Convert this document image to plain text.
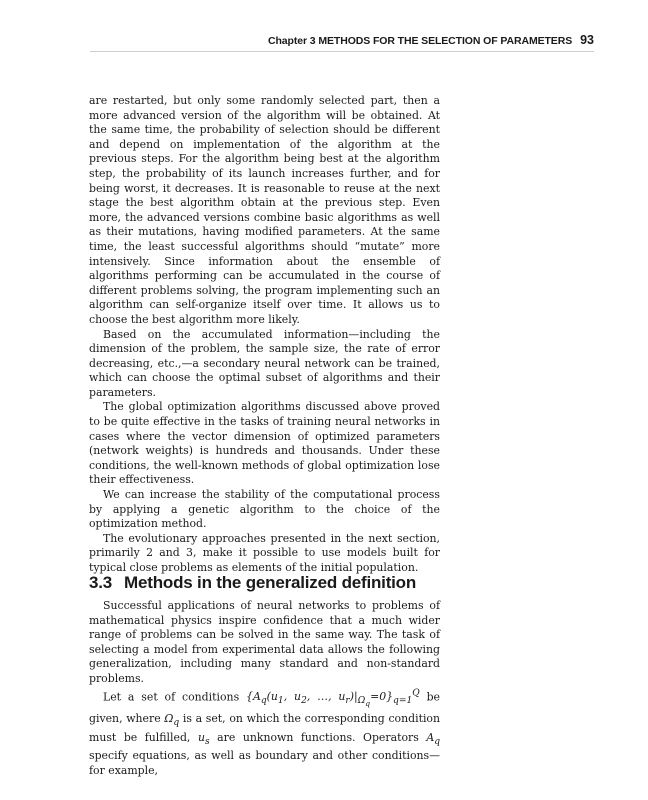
Chapter 3 METHODS FOR THE SELECTION OF PARAMETERS 93

are restarted, but only some randomly selected part, then a more advanced version of the algorithm will be obtained. At the same time, the probability of selection should be different and depend on implementation of the algorithm at the previous steps. For the algorithm being best at the algorithm step, the probability of its launch increases further, and for being worst, it decreases. It is reasonable to reuse at the next stage the best algorithm obtain at the previous step. Even more, the advanced versions combine basic algorithms as well as their mutations, having modified parameters. At the same time, the least successful algorithms should “mutate” more intensively. Since information about the ensemble of algorithms performing can be accumulated in the course of different problems solving, the program implementing such an algorithm can self-organize itself over time. It allows us to choose the best algorithm more likely.

Based on the accumulated information—including the dimension of the problem, the sample size, the rate of error decreasing, etc.,—a secondary neural network can be trained, which can choose the optimal subset of algorithms and their parameters.

The global optimization algorithms discussed above proved to be quite effective in the tasks of training neural networks in cases where the vector dimension of optimized parameters (network weights) is hundreds and thousands. Under these conditions, the well-known methods of global optimization lose their effectiveness.

We can increase the stability of the computational process by applying a genetic algorithm to the choice of the optimization method.

The evolutionary approaches presented in the next section, primarily 2 and 3, make it possible to use models built for typical close problems as elements of the initial population.

3.3 Methods in the generalized definition

Successful applications of neural networks to problems of mathematical physics inspire confidence that a much wider range of problems can be solved in the same way. The task of selecting a model from experimental data allows the following generalization, including many standard and non-standard problems.

Let a set of conditions {$A_q(u_1$, $u_2$, …, $u_r)|_{\Omega_q}=0\}_{q=1}^Q$ be given, where $\Omega_q$ is a set, on which the corresponding condition must be fulfilled, $u_s$ are unknown functions. Operators $A_q$ specify equations, as well as boundary and other conditions—for example,
